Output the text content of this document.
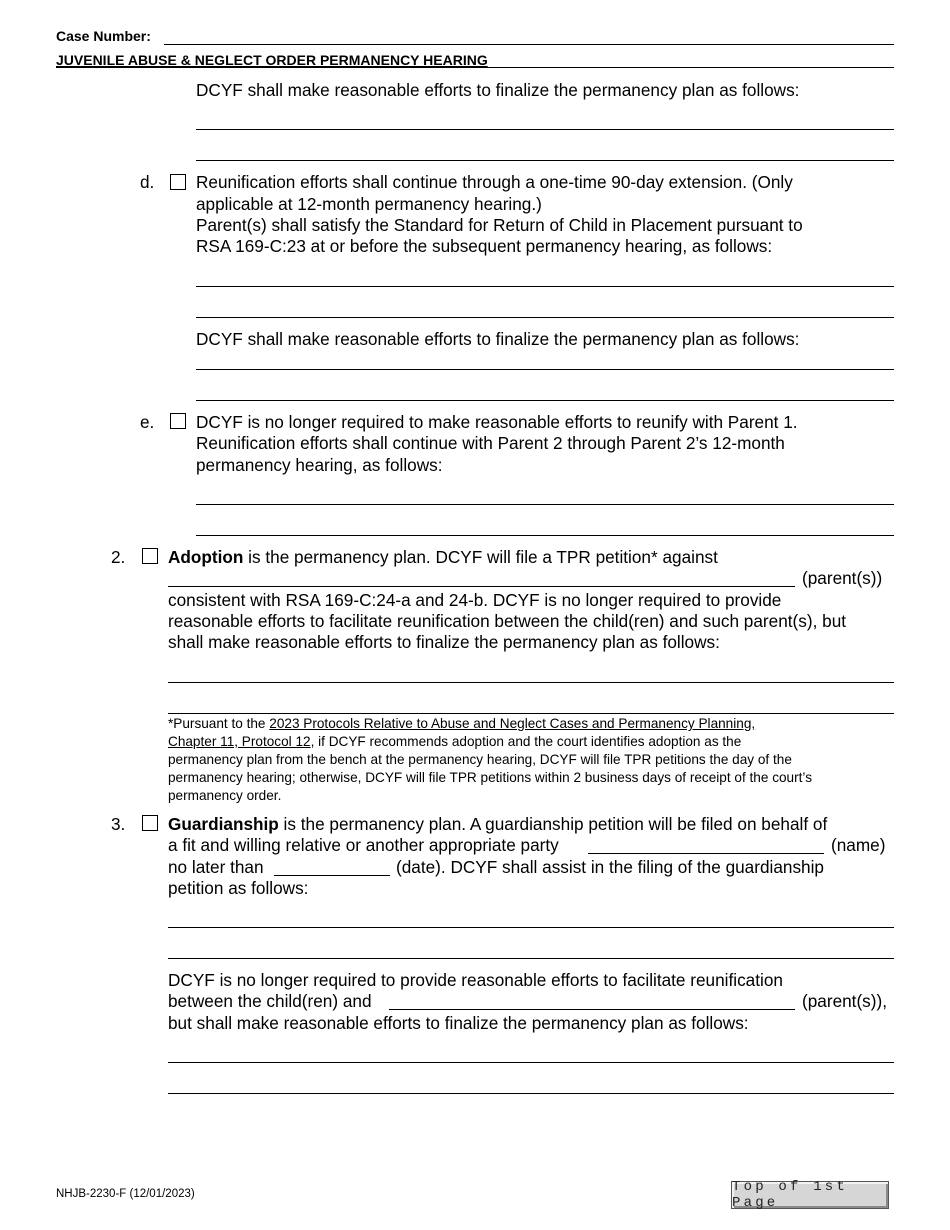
Case Number:
JUVENILE ABUSE & NEGLECT ORDER PERMANENCY HEARING
DCYF shall make reasonable efforts to finalize the permanency plan as follows:
d. Reunification efforts shall continue through a one-time 90-day extension. (Only
applicable at 12-month permanency hearing.)
Parent(s) shall satisfy the Standard for Return of Child in Placement pursuant to
RSA 169-C:23 at or before the subsequent permanency hearing, as follows:
DCYF shall make reasonable efforts to finalize the permanency plan as follows:
e. DCYF is no longer required to make reasonable efforts to reunify with Parent 1.
Reunification efforts shall continue with Parent 2 through Parent 2’s 12-month
permanency hearing, as follows:
2. Adoption is the permanency plan. DCYF will file a TPR petition* against
(parent(s))
consistent with RSA 169-C:24-a and 24-b. DCYF is no longer required to provide
reasonable efforts to facilitate reunification between the child(ren) and such parent(s), but
shall make reasonable efforts to finalize the permanency plan as follows:
*Pursuant to the 2023 Protocols Relative to Abuse and Neglect Cases and Permanency Planning,
Chapter 11, Protocol 12, if DCYF recommends adoption and the court identifies adoption as the
permanency plan from the bench at the permanency hearing, DCYF will file TPR petitions the day of the
permanency hearing; otherwise, DCYF will file TPR petitions within 2 business days of receipt of the court’s
permanency order.
3. Guardianship is the permanency plan. A guardianship petition will be filed on behalf of
a fit and willing relative or another appropriate party	(name)
no later than	(date). DCYF shall assist in the filing of the guardianship
petition as follows:
DCYF is no longer required to provide reasonable efforts to facilitate reunification
between the child(ren) and	(parent(s)),
but shall make reasonable efforts to finalize the permanency plan as follows:
NHJB-2230-F (12/01/2023)	Top of 1st Page
